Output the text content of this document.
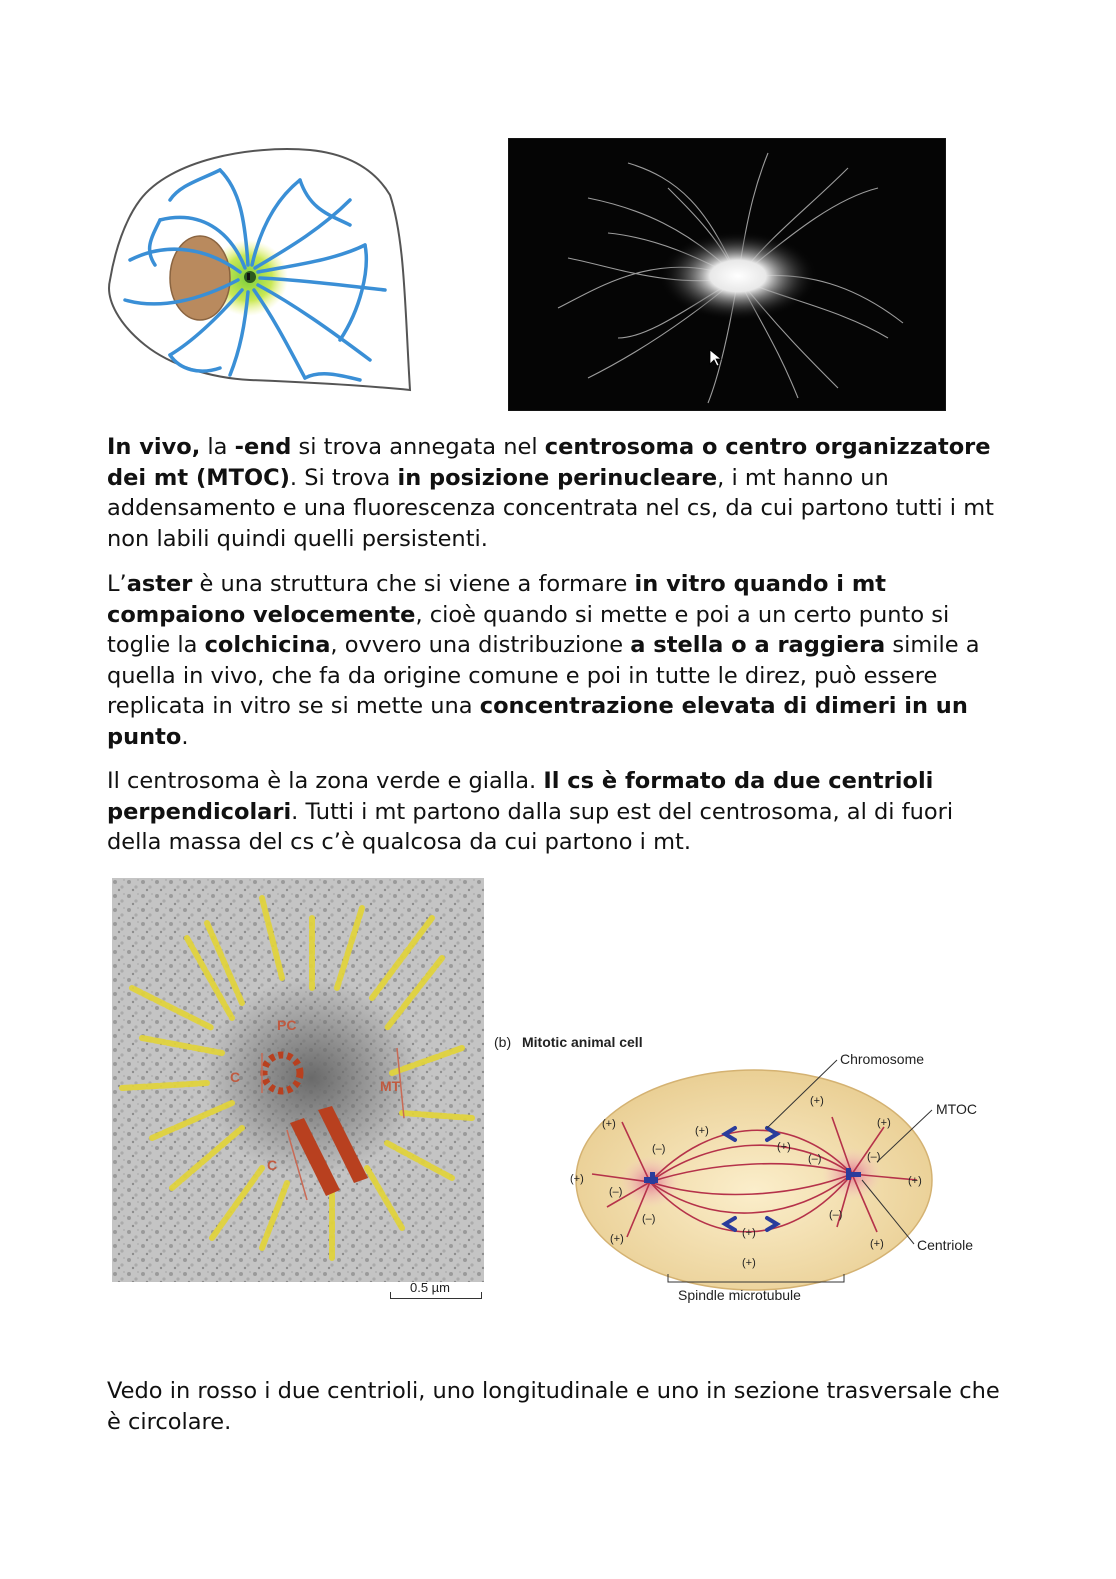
In vivo, la -end si trova annegata nel centrosoma o centro organizzatore dei mt (MTOC). Si trova in posizione perinucleare, i mt hanno un addensamento e una fluorescenza concentrata nel cs, da cui partono tutti i mt non labili quindi quelli persistenti.

L’aster è una struttura che si viene a formare in vitro quando i mt compaiono velocemente, cioè quando si mette e poi a un certo punto si toglie la colchicina, ovvero una distribuzione a stella o a raggiera simile a quella in vivo, che fa da origine comune e poi in tutte le direz, può essere replicata in vitro se si mette una concentrazione elevata di dimeri in un punto.

Il centrosoma è la zona verde e gialla. Il cs è formato da due centrioli perpendicolari. Tutti i mt partono dalla sup est del centrosoma, al di fuori della massa del cs c’è qualcosa da cui partono i mt.

PC
C
C
MT
0.5 µm
(b) Mitotic animal cell
(+)
(+)
(+)
(–)
(–)
(–)
(+)
(+)
(+)
(+)
(+)
(+)
(+)
(+)
(–)	(–)
(–)
Chromosome
MTOC
Centriole
Spindle microtubule

Vedo in rosso i due centrioli, uno longitudinale e uno in sezione trasversale che è circolare.
